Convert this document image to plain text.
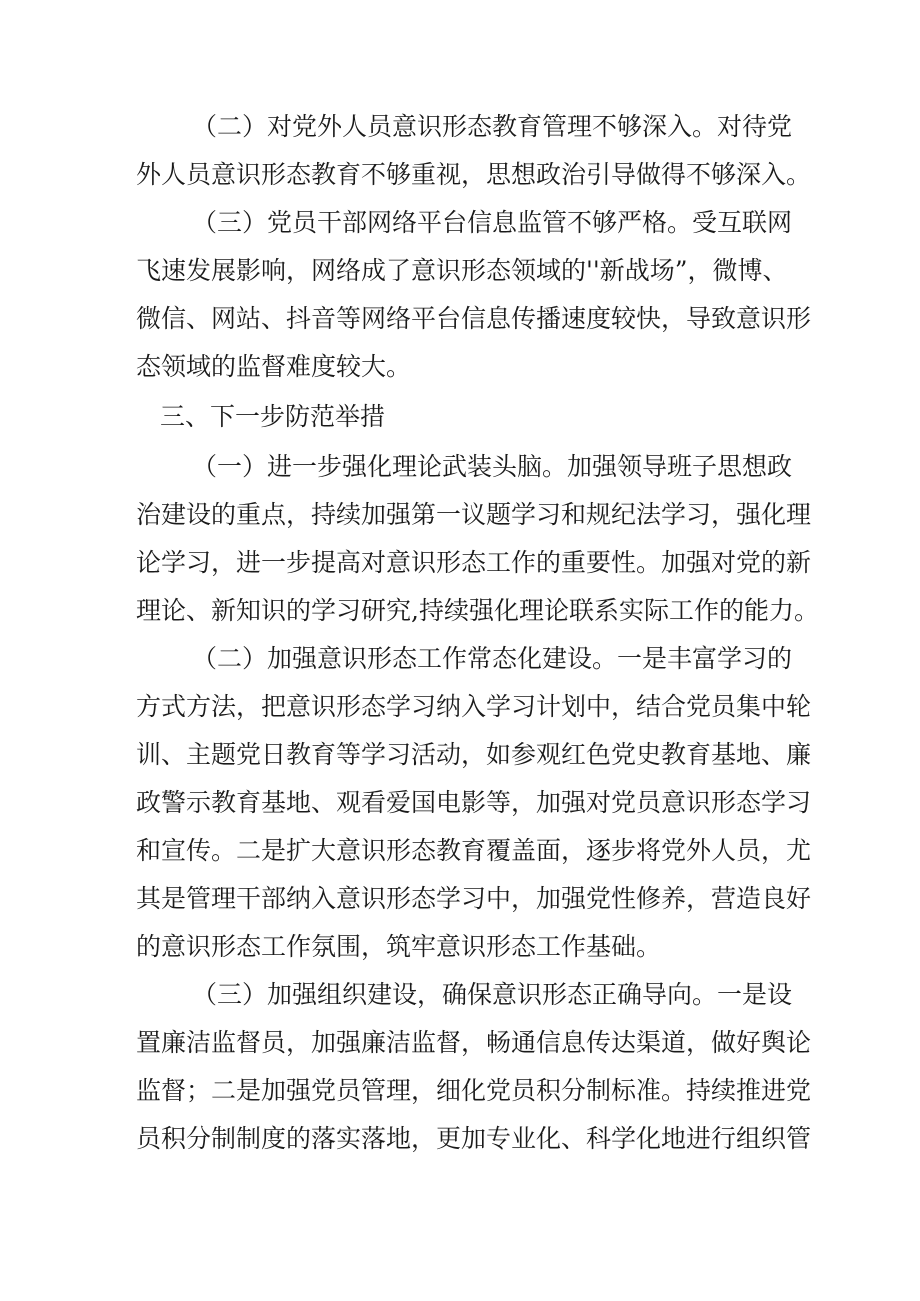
（二）对党外人员意识形态教育管理不够深入。对待党
外人员意识形态教育不够重视，思想政治引导做得不够深入。
（三）党员干部网络平台信息监管不够严格。受互联网
飞速发展影响，网络成了意识形态领域的''新战场”，微博、
微信、网站、抖音等网络平台信息传播速度较快，导致意识形
态领域的监督难度较大。
三、下一步防范举措
（一）进一步强化理论武装头脑。加强领导班子思想政
治建设的重点，持续加强第一议题学习和规纪法学习，强化理
论学习，进一步提高对意识形态工作的重要性。加强对党的新
理论、新知识的学习研究,持续强化理论联系实际工作的能力。
（二）加强意识形态工作常态化建设。一是丰富学习的
方式方法，把意识形态学习纳入学习计划中，结合党员集中轮
训、主题党日教育等学习活动，如参观红色党史教育基地、廉
政警示教育基地、观看爱国电影等，加强对党员意识形态学习
和宣传。二是扩大意识形态教育覆盖面，逐步将党外人员，尤
其是管理干部纳入意识形态学习中，加强党性修养，营造良好
的意识形态工作氛围，筑牢意识形态工作基础。
（三）加强组织建设，确保意识形态正确导向。一是设
置廉洁监督员，加强廉洁监督，畅通信息传达渠道，做好舆论
监督；二是加强党员管理，细化党员积分制标准。持续推进党
员积分制制度的落实落地，更加专业化、科学化地进行组织管
